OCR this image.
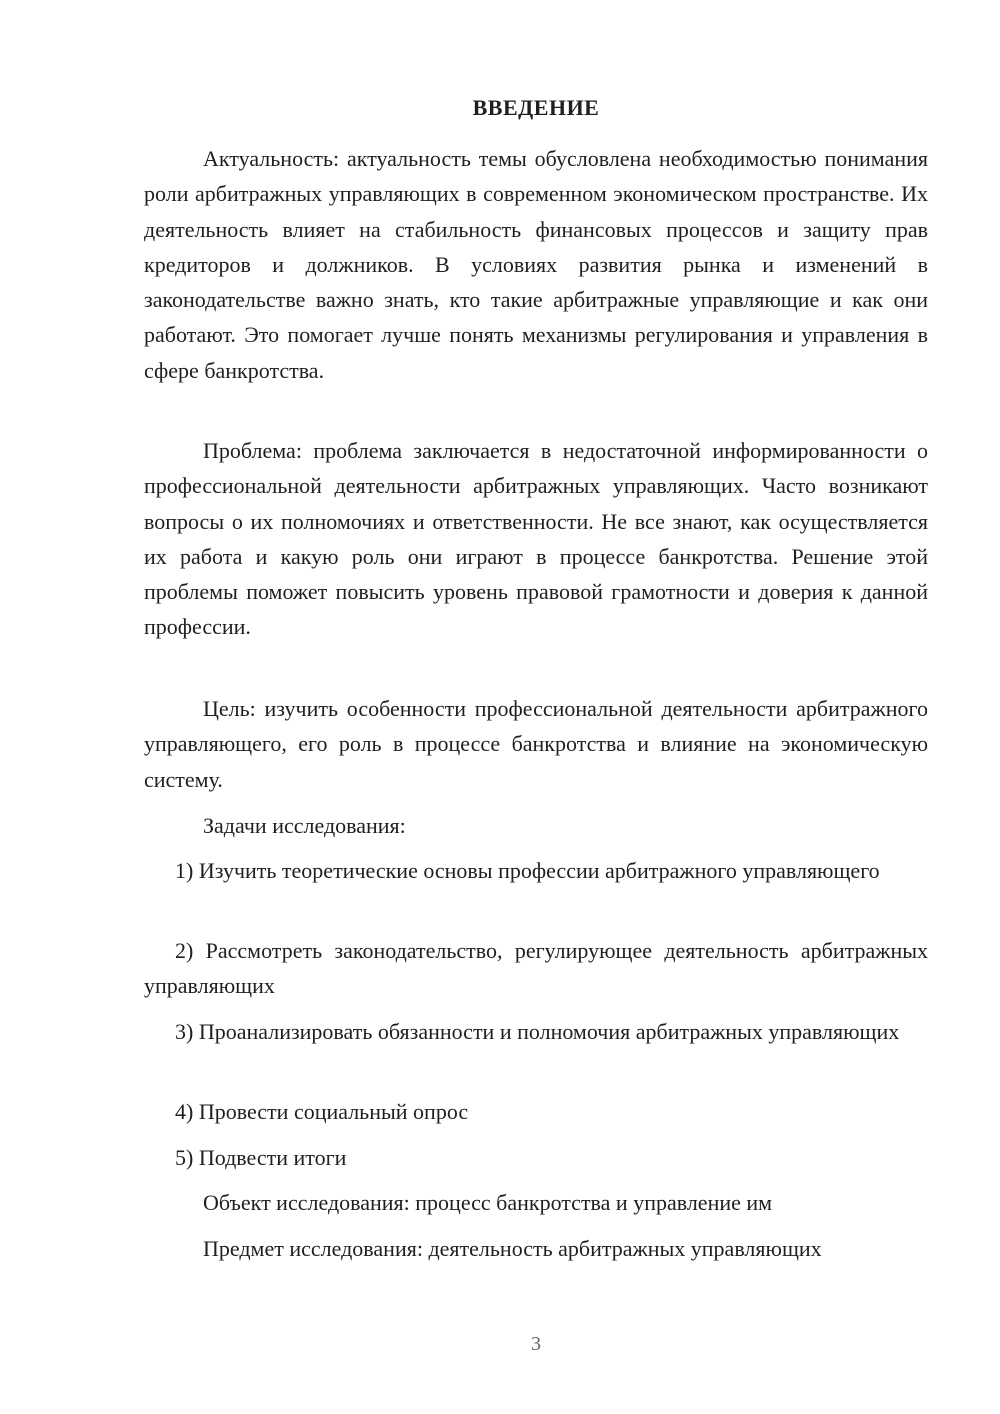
ВВЕДЕНИЕ

Актуальность: актуальность темы обусловлена необходимостью понимания роли арбитражных управляющих в современном экономическом пространстве. Их деятельность влияет на стабильность финансовых процессов и защиту прав кредиторов и должников. В условиях развития рынка и изменений в законодательстве важно знать, кто такие арбитражные управляющие и как они работают. Это помогает лучше понять механизмы регулирования и управления в сфере банкротства.

Проблема: проблема заключается в недостаточной информированности о профессиональной деятельности арбитражных управляющих. Часто возникают вопросы о их полномочиях и ответственности. Не все знают, как осуществляется их работа и какую роль они играют в процессе банкротства. Решение этой проблемы поможет повысить уровень правовой грамотности и доверия к данной профессии.

Цель: изучить особенности профессиональной деятельности арбитражного управляющего, его роль в процессе банкротства и влияние на экономическую систему.

Задачи исследования:

1) Изучить теоретические основы профессии арбитражного управляющего

2) Рассмотреть законодательство, регулирующее деятельность арбитражных управляющих

3) Проанализировать обязанности и полномочия арбитражных управляющих

4) Провести социальный опрос

5) Подвести итоги

Объект исследования: процесс банкротства и управление им

Предмет исследования: деятельность арбитражных управляющих

3
